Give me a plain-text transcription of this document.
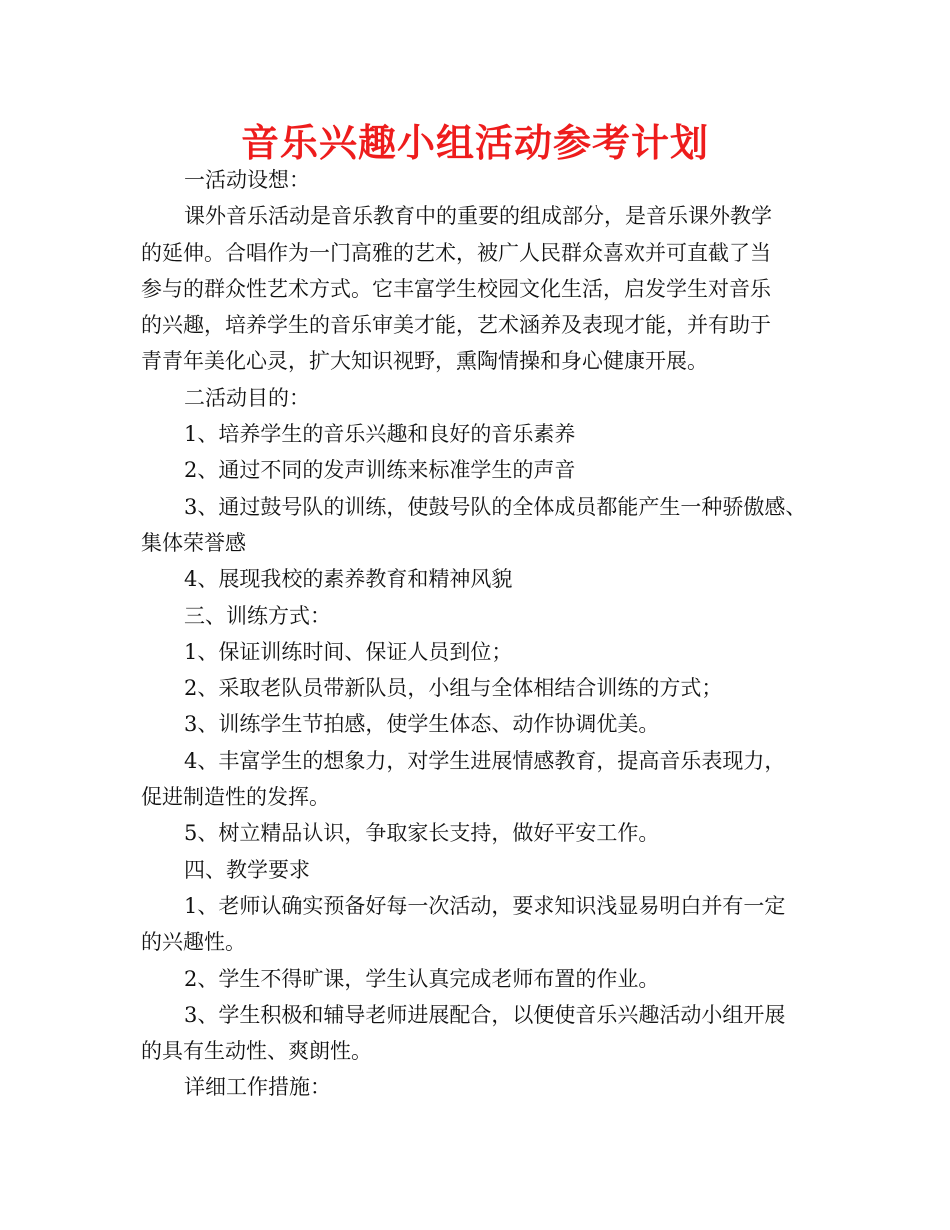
音乐兴趣小组活动参考计划

一活动设想：

课外音乐活动是音乐教育中的重要的组成部分，是音乐课外教学
的延伸。合唱作为一门高雅的艺术，被广人民群众喜欢并可直截了当
参与的群众性艺术方式。它丰富学生校园文化生活，启发学生对音乐
的兴趣，培养学生的音乐审美才能，艺术涵养及表现才能，并有助于
青青年美化心灵，扩大知识视野，熏陶情操和身心健康开展。

二活动目的：

1、培养学生的音乐兴趣和良好的音乐素养

2、通过不同的发声训练来标准学生的声音

3、通过鼓号队的训练，使鼓号队的全体成员都能产生一种骄傲感、
集体荣誉感

4、展现我校的素养教育和精神风貌

三、训练方式：

1、保证训练时间、保证人员到位；

2、采取老队员带新队员，小组与全体相结合训练的方式；

3、训练学生节拍感，使学生体态、动作协调优美。

4、丰富学生的想象力，对学生进展情感教育，提高音乐表现力，
促进制造性的发挥。

5、树立精品认识，争取家长支持，做好平安工作。

四、教学要求

1、老师认确实预备好每一次活动，要求知识浅显易明白并有一定
的兴趣性。

2、学生不得旷课，学生认真完成老师布置的作业。

3、学生积极和辅导老师进展配合，以便使音乐兴趣活动小组开展
的具有生动性、爽朗性。

详细工作措施：
